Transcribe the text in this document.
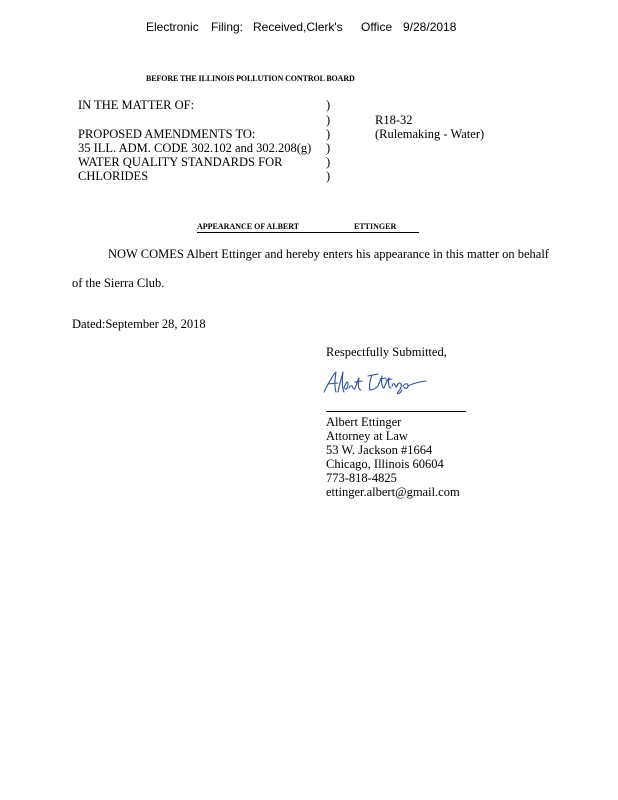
Electronic Filing: Received,Clerk's Office 9/28/2018
BEFORE THE ILLINOIS POLLUTION CONTROL BOARD
IN THE MATTER OF:
PROPOSED AMENDMENTS TO:
35 ILL. ADM. CODE 302.102 and 302.208(g)
WATER QUALITY STANDARDS FOR
CHLORIDES
)
)
)
)
)
)
R18-32
(Rulemaking - Water)
APPEARANCE OF ALBERT	ETTINGER
NOW COMES Albert Ettinger and hereby enters his appearance in this matter on behalf
of the Sierra Club.
Dated:September 28, 2018
Respectfully Submitted,
Albert Ettinger
Attorney at Law
53 W. Jackson #1664
Chicago, Illinois 60604
773-818-4825
ettinger.albert@gmail.com
